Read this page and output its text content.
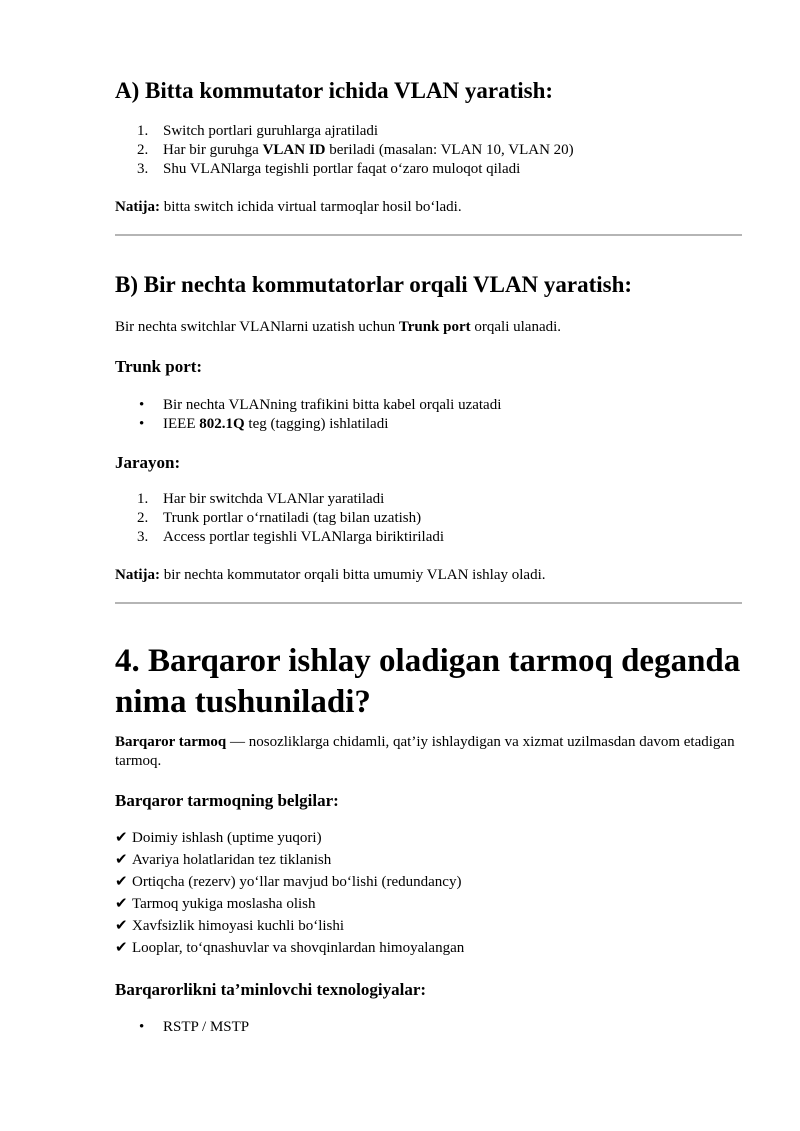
A) Bitta kommutator ichida VLAN yaratish:
1. Switch portlari guruhlarga ajratiladi
2. Har bir guruhga VLAN ID beriladi (masalan: VLAN 10, VLAN 20)
3. Shu VLANlarga tegishli portlar faqat o‘zaro muloqot qiladi

Natija: bitta switch ichida virtual tarmoqlar hosil bo‘ladi.

B) Bir nechta kommutatorlar orqali VLAN yaratish:

Bir nechta switchlar VLANlarni uzatish uchun Trunk port orqali ulanadi.

Trunk port:
• Bir nechta VLANning trafikini bitta kabel orqali uzatadi
• IEEE 802.1Q teg (tagging) ishlatiladi
Jarayon:
1. Har bir switchda VLANlar yaratiladi
2. Trunk portlar o‘rnatiladi (tag bilan uzatish)
3. Access portlar tegishli VLANlarga biriktiriladi

Natija: bir nechta kommutator orqali bitta umumiy VLAN ishlay oladi.

4. Barqaror ishlay oladigan tarmoq deganda
nima tushuniladi?

Barqaror tarmoq — nosozliklarga chidamli, qat’iy ishlaydigan va xizmat uzilmasdan davom etadigan tarmoq.

Barqaror tarmoqning belgilar:
✔ Doimiy ishlash (uptime yuqori)
✔ Avariya holatlaridan tez tiklanish
✔ Ortiqcha (rezerv) yo‘llar mavjud bo‘lishi (redundancy)
✔ Tarmoq yukiga moslasha olish
✔ Xavfsizlik himoyasi kuchli bo‘lishi
✔ Looplar, to‘qnashuvlar va shovqinlardan himoyalangan
Barqarorlikni ta’minlovchi texnologiyalar:
• RSTP / MSTP
